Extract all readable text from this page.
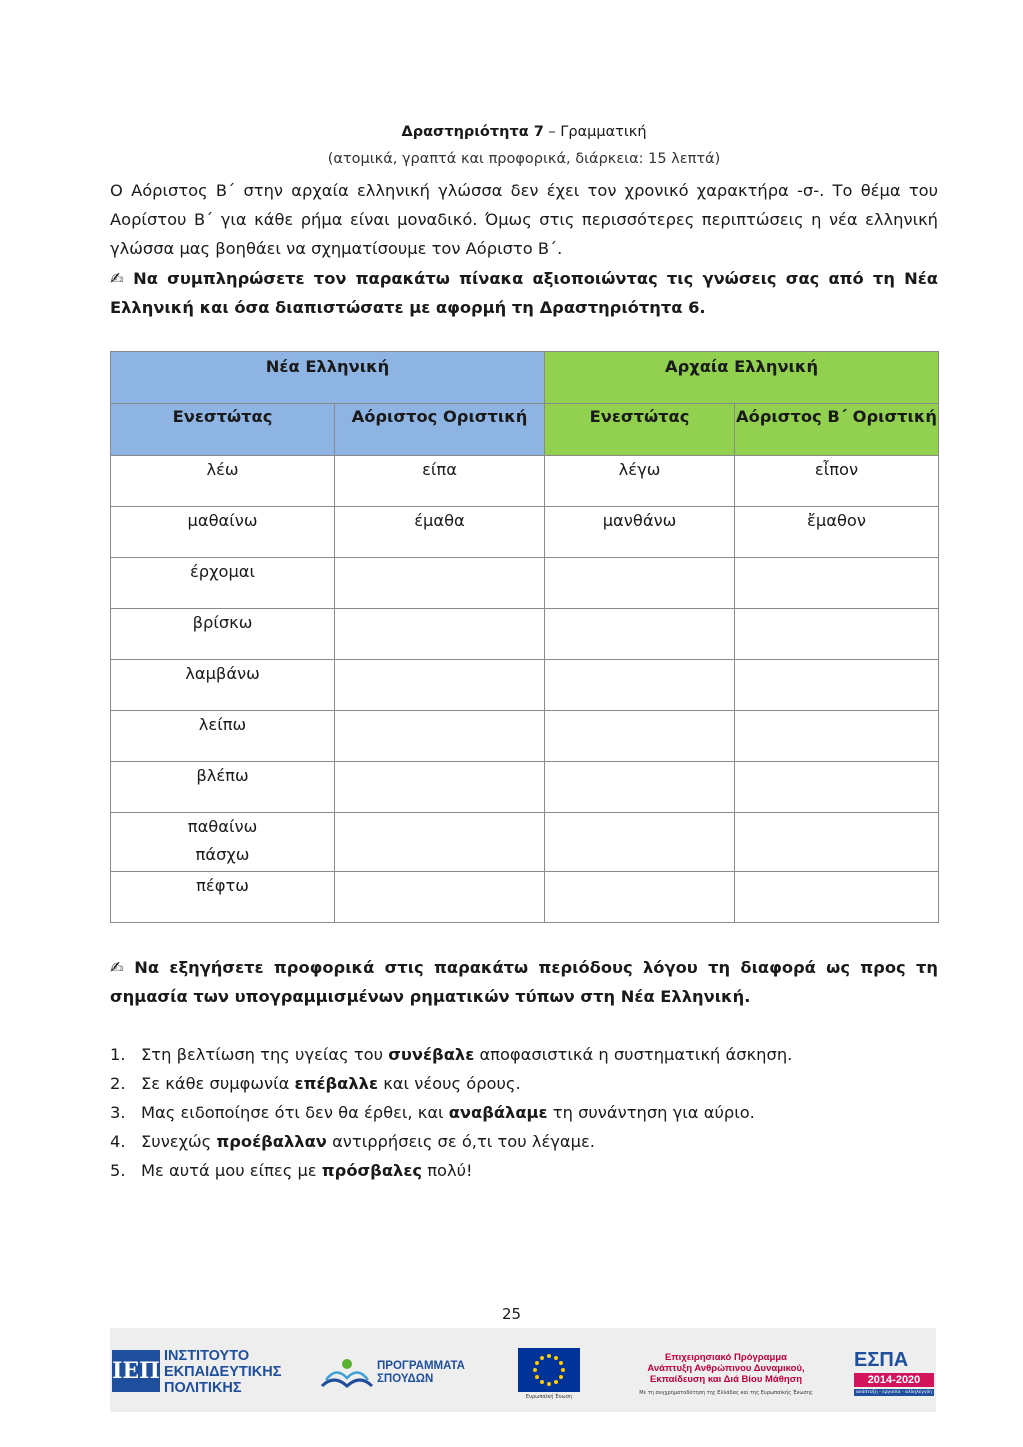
Δραστηριότητα 7 – Γραμματική
(ατομικά, γραπτά και προφορικά, διάρκεια: 15 λεπτά)
Ο Αόριστος Β΄ στην αρχαία ελληνική γλώσσα δεν έχει τον χρονικό χαρακτήρα -σ-. Το θέμα του Αορίστου Β΄ για κάθε ρήμα είναι μοναδικό. Όμως στις περισσότερες περιπτώσεις η νέα ελληνική γλώσσα μας βοηθάει να σχηματίσουμε τον Αόριστο Β΄.
✍ Να συμπληρώσετε τον παρακάτω πίνακα αξιοποιώντας τις γνώσεις σας από τη Νέα Ελληνική και όσα διαπιστώσατε με αφορμή τη Δραστηριότητα 6.
Νέα Ελληνική		Αρχαία Ελληνική	
Ενεστώτας	Αόριστος Οριστική	Ενεστώτας	Αόριστος Β΄ Οριστική
λέω	είπα	λέγω	εἶπον
μαθαίνω	έμαθα	μανθάνω	ἔμαθον
έρχομαι			
βρίσκω			
λαμβάνω			
λείπω			
βλέπω			

παθαίνω
πάσχω			

πέφτω			
✍ Να εξηγήσετε προφορικά στις παρακάτω περιόδους λόγου τη διαφορά ως προς τη σημασία των υπογραμμισμένων ρηματικών τύπων στη Νέα Ελληνική.
1. Στη βελτίωση της υγείας του συνέβαλε αποφασιστικά η συστηματική άσκηση.
2. Σε κάθε συμφωνία επέβαλλε και νέους όρους.
3. Μας ειδοποίησε ότι δεν θα έρθει, και αναβάλαμε τη συνάντηση για αύριο.
4. Συνεχώς προέβαλλαν αντιρρήσεις σε ό,τι του λέγαμε.
5. Με αυτά μου είπες με πρόσβαλες πολύ!
25
ΙΕΠ
ΙΝΣΤΙΤΟΥΤΟ
ΕΚΠΑΙΔΕΥΤΙΚΗΣ
ΠΟΛΙΤΙΚΗΣ
ΠΡΟΓΡΑΜΜΑΤΑ
ΣΠΟΥΔΩΝ
Ευρωπαϊκή Ένωση
Επιχειρησιακό Πρόγραμμα
Ανάπτυξη Ανθρώπινου Δυναμικού,
Εκπαίδευση και Διά Βίου Μάθηση
Με τη συγχρηματοδότηση της Ελλάδας και της Ευρωπαϊκής Ένωσης
ΕΣΠΑ
2014-2020
ανάπτυξη - εργασία - αλληλεγγύη
